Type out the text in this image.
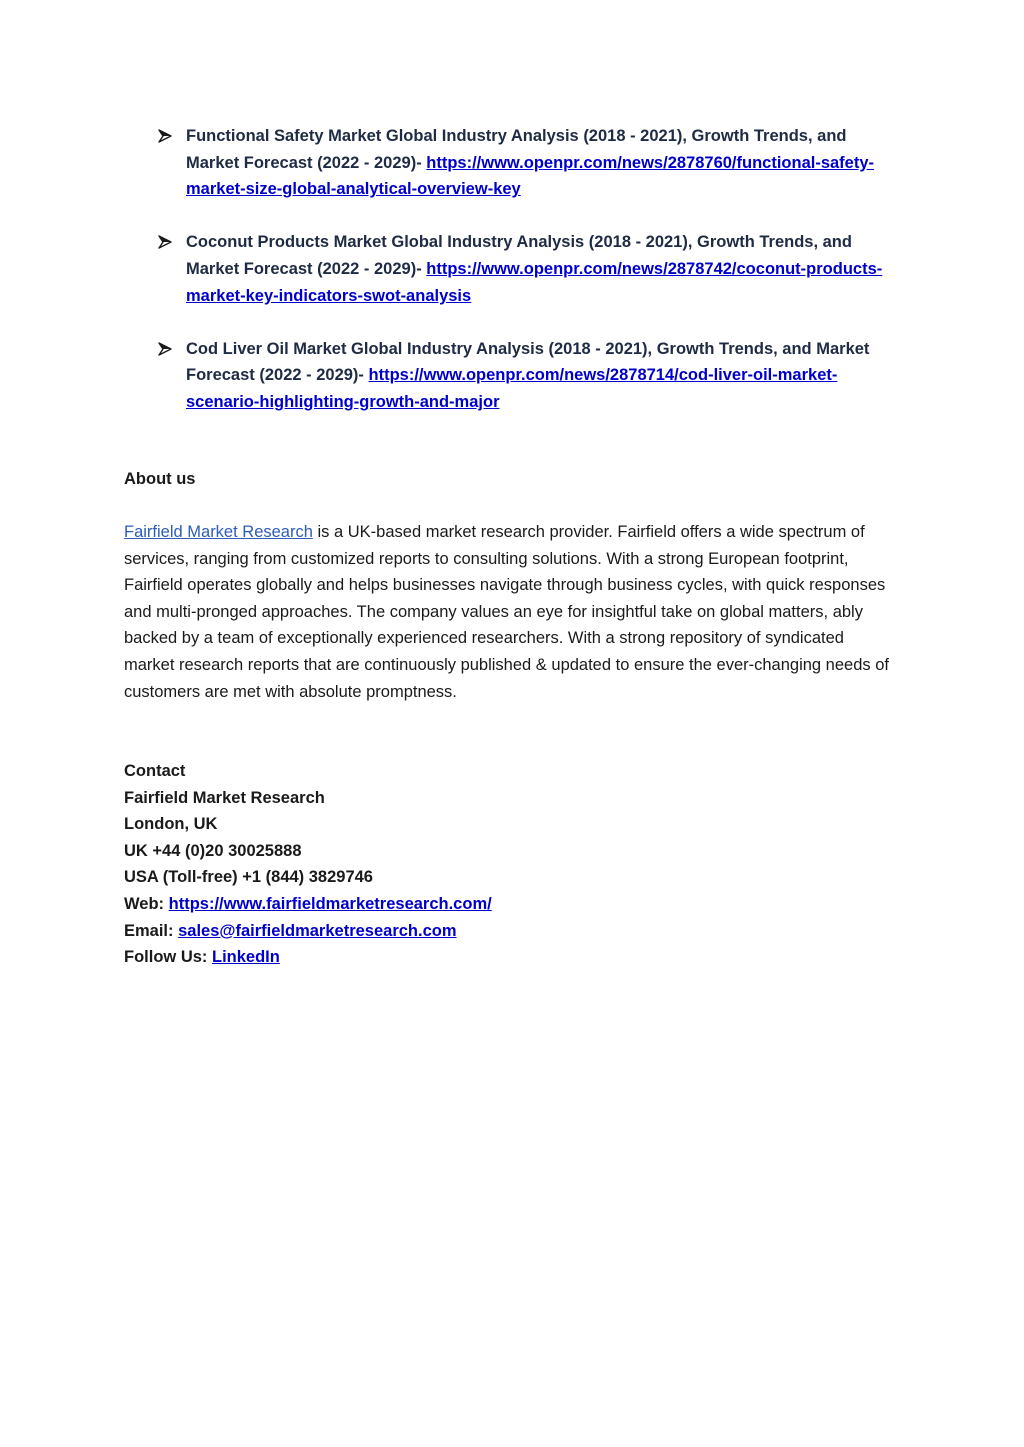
Functional Safety Market Global Industry Analysis (2018 - 2021), Growth Trends, and Market Forecast (2022 - 2029)- https://www.openpr.com/news/2878760/functional-safety-market-size-global-analytical-overview-key
Coconut Products Market Global Industry Analysis (2018 - 2021), Growth Trends, and Market Forecast (2022 - 2029)- https://www.openpr.com/news/2878742/coconut-products-market-key-indicators-swot-analysis
Cod Liver Oil Market Global Industry Analysis (2018 - 2021), Growth Trends, and Market Forecast (2022 - 2029)- https://www.openpr.com/news/2878714/cod-liver-oil-market-scenario-highlighting-growth-and-major
About us

Fairfield Market Research is a UK-based market research provider. Fairfield offers a wide spectrum of services, ranging from customized reports to consulting solutions. With a strong European footprint, Fairfield operates globally and helps businesses navigate through business cycles, with quick responses and multi-pronged approaches. The company values an eye for insightful take on global matters, ably backed by a team of exceptionally experienced researchers. With a strong repository of syndicated market research reports that are continuously published & updated to ensure the ever-changing needs of customers are met with absolute promptness.

Contact
Fairfield Market Research
London, UK
UK +44 (0)20 30025888
USA (Toll-free) +1 (844) 3829746
Web: https://www.fairfieldmarketresearch.com/
Email: sales@fairfieldmarketresearch.com
Follow Us: LinkedIn
